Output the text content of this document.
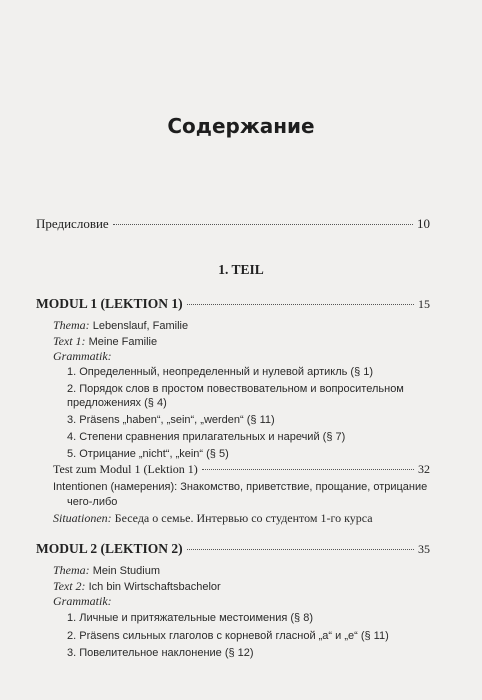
Содержание
Предисловие	10
1. TEIL
MODUL 1 (LEKTION 1)	15
Thema: Lebenslauf, Familie
Text 1: Meine Familie
Grammatik:
1. Определенный, неопределенный и нулевой артикль (§ 1)
2. Порядок слов в простом повествовательном и вопросительном
предложениях (§ 4)
3. Präsens „haben“, „sein“, „werden“ (§ 11)
4. Степени сравнения прилагательных и наречий (§ 7)
5. Отрицание „nicht“, „kein“ (§ 5)
Test zum Modul 1 (Lektion 1)	32
Intentionen (намерения): Знакомство, приветствие, прощание, отрицание
чего-либо
Situationen: Беседа о семье. Интервью со студентом 1-го курса
MODUL 2 (LEKTION 2)	35
Thema: Mein Studium
Text 2: Ich bin Wirtschaftsbachelor
Grammatik:
1. Личные и притяжательные местоимения (§ 8)
2. Präsens сильных глаголов с корневой гласной „a“ и „e“ (§ 11)
3. Повелительное наклонение (§ 12)
